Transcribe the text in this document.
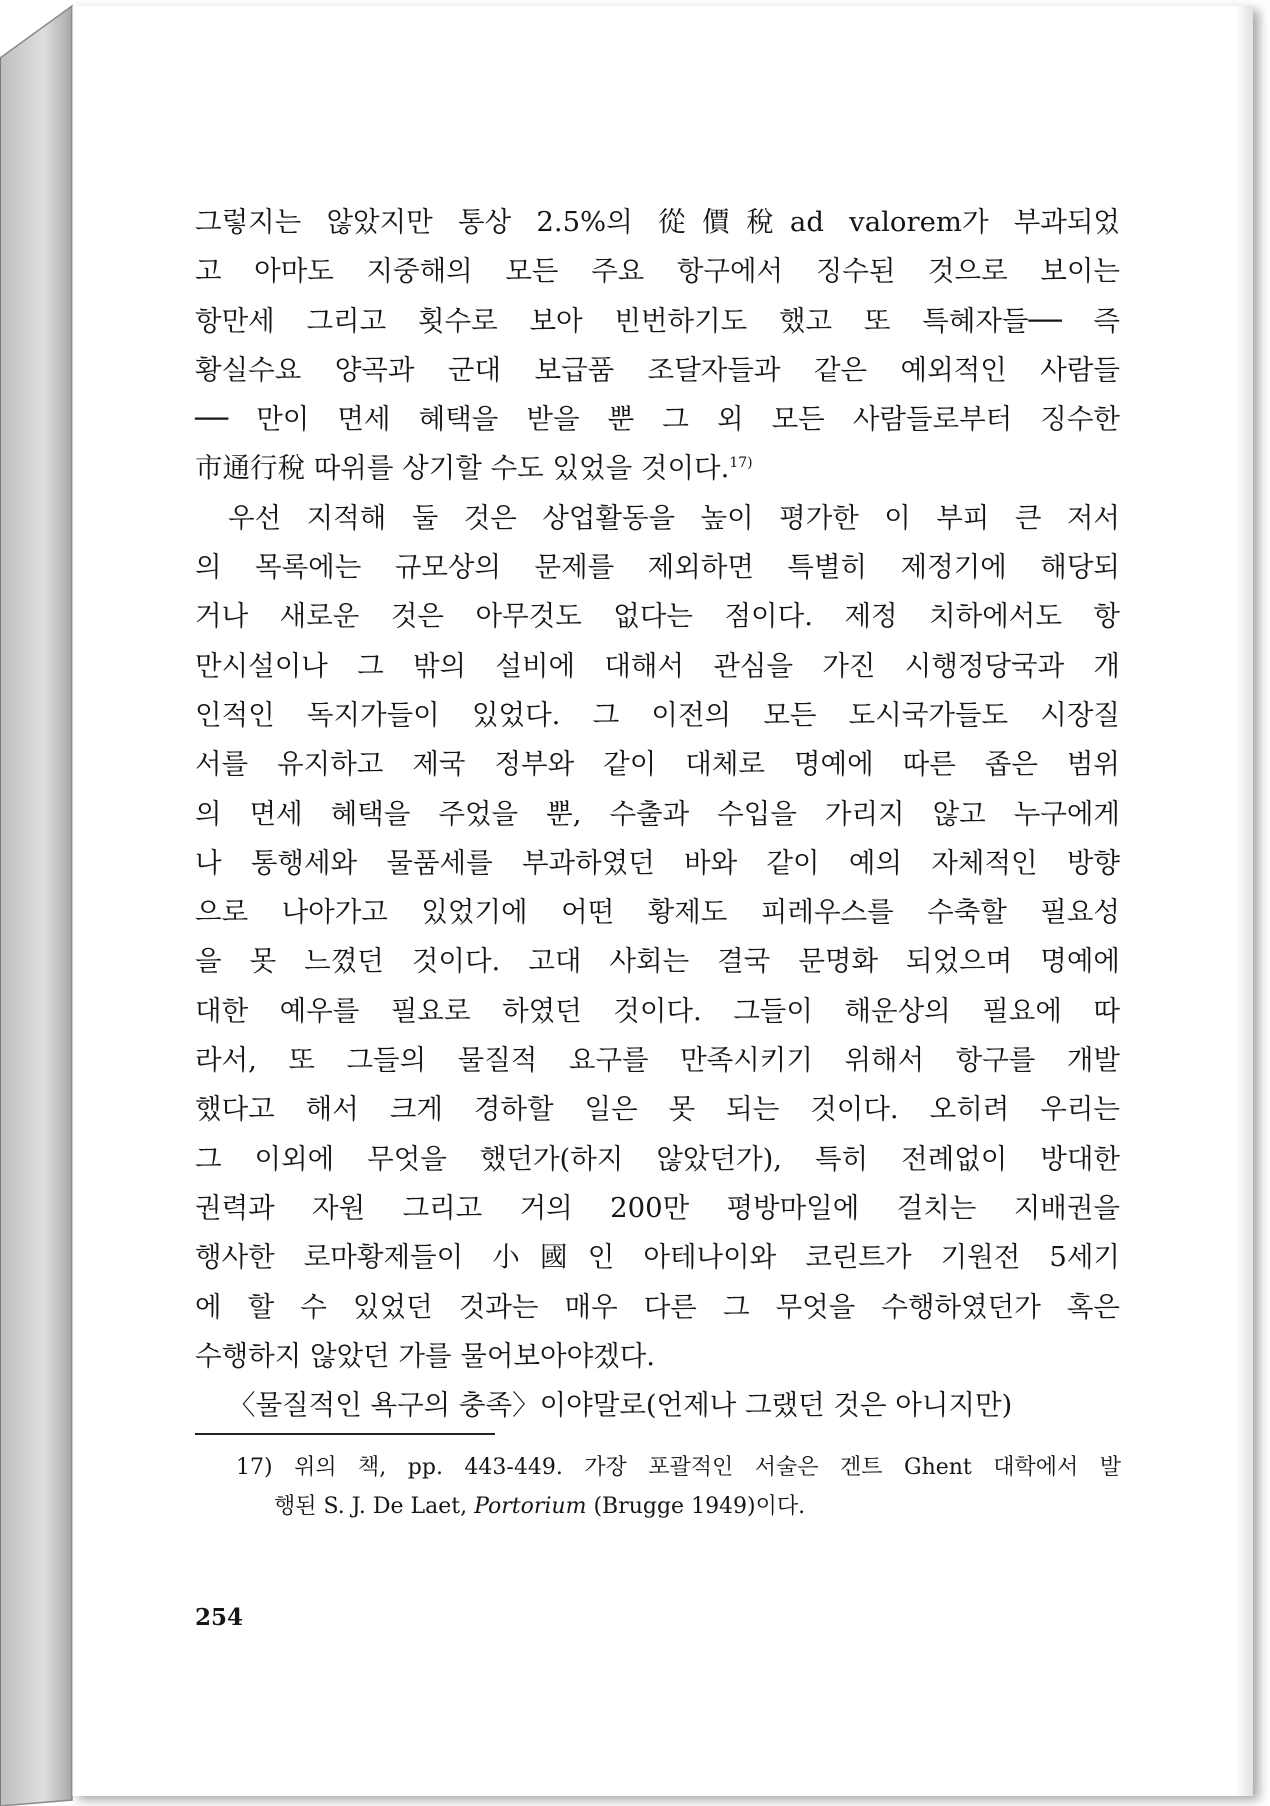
그렇지는 않았지만 통상 2.5%의 從價稅ad valorem가 부과되었
고 아마도 지중해의 모든 주요 항구에서 징수된 것으로 보이는
항만세 그리고 횟수로 보아 빈번하기도 했고 또 특혜자들── 즉
황실수요 양곡과 군대 보급품 조달자들과 같은 예외적인 사람들
── 만이 면세 혜택을 받을 뿐 그 외 모든 사람들로부터 징수한
市通行稅 따위를 상기할 수도 있었을 것이다.$^{17)}$
우선 지적해 둘 것은 상업활동을 높이 평가한 이 부피 큰 저서
의 목록에는 규모상의 문제를 제외하면 특별히 제정기에 해당되
거나 새로운 것은 아무것도 없다는 점이다. 제정 치하에서도 항
만시설이나 그 밖의 설비에 대해서 관심을 가진 시행정당국과 개
인적인 독지가들이 있었다. 그 이전의 모든 도시국가들도 시장질
서를 유지하고 제국 정부와 같이 대체로 명예에 따른 좁은 범위
의 면세 혜택을 주었을 뿐, 수출과 수입을 가리지 않고 누구에게
나 통행세와 물품세를 부과하였던 바와 같이 예의 자체적인 방향
으로 나아가고 있었기에 어떤 황제도 피레우스를 수축할 필요성
을 못 느꼈던 것이다. 고대 사회는 결국 문명화 되었으며 명예에
대한 예우를 필요로 하였던 것이다. 그들이 해운상의 필요에 따
라서, 또 그들의 물질적 요구를 만족시키기 위해서 항구를 개발
했다고 해서 크게 경하할 일은 못 되는 것이다. 오히려 우리는
그 이외에 무엇을 했던가(하지 않았던가), 특히 전례없이 방대한
권력과 자원 그리고 거의 200만 평방마일에 걸치는 지배권을
행사한 로마황제들이 小國인 아테나이와 코린트가 기원전 5세기
에 할 수 있었던 것과는 매우 다른 그 무엇을 수행하였던가 혹은
수행하지 않았던 가를 물어보아야겠다.
〈물질적인 욕구의 충족〉이야말로(언제나 그랬던 것은 아니지만)
17) 위의 책, pp. 443-449. 가장 포괄적인 서술은 겐트 Ghent 대학에서 발
행된 S. J. De Laet, Portorium (Brugge 1949)이다.
254
